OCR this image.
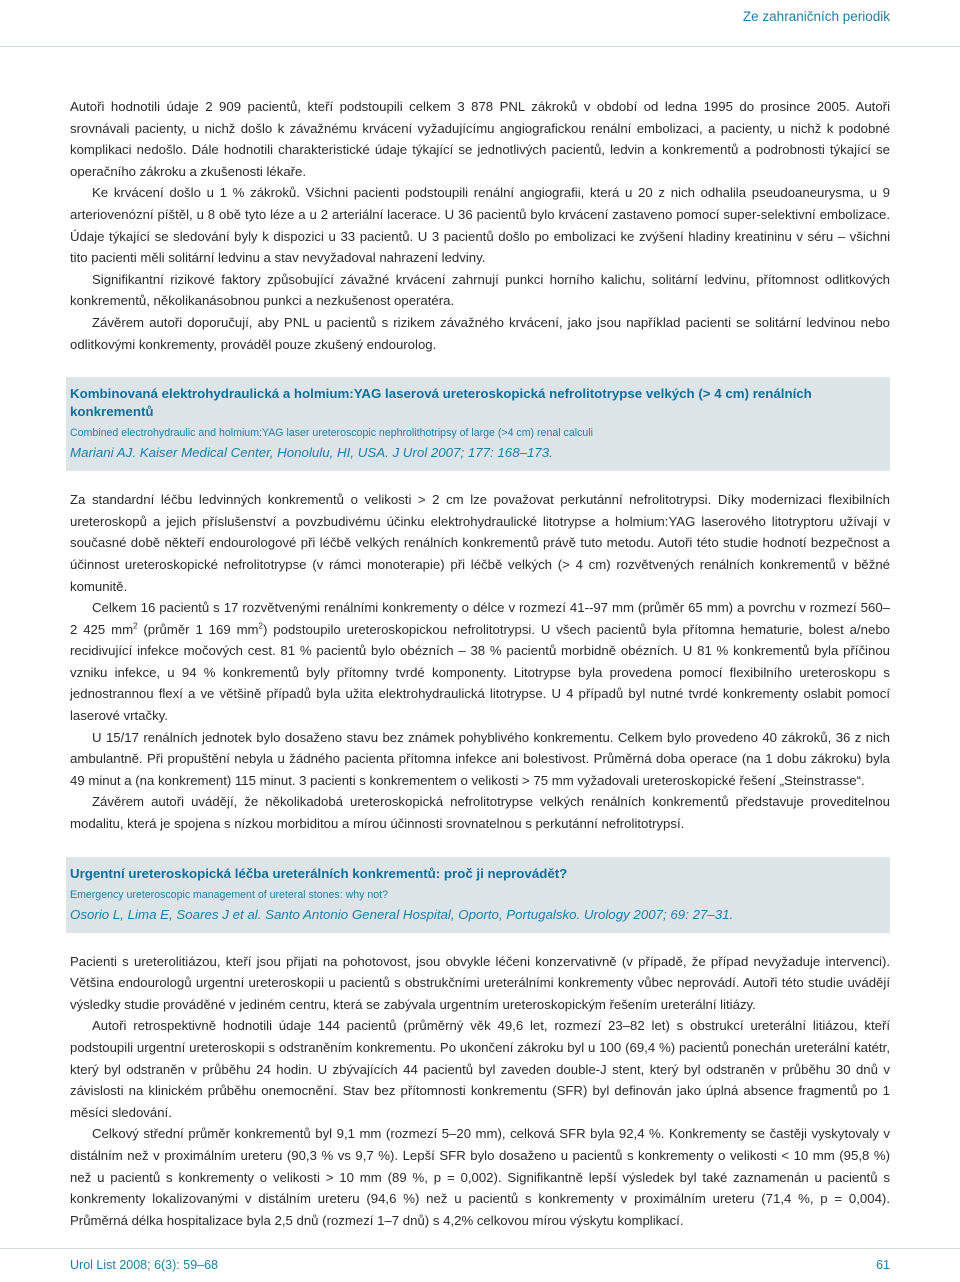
Ze zahraničních periodik

Autoři hodnotili údaje 2 909 pacientů, kteří podstoupili celkem 3 878 PNL zákroků v období od ledna 1995 do prosince 2005. Autoři srovnávali pacienty, u nichž došlo k závažnému krvácení vyžadujícímu angiografickou renální embolizaci, a pacienty, u nichž k podobné komplikaci nedošlo. Dále hodnotili charakteristické údaje týkající se jednotlivých pacientů, ledvin a konkrementů a podrobnosti týkající se operačního zákroku a zkušenosti lékaře.

Ke krvácení došlo u 1 % zákroků. Všichni pacienti podstoupili renální angiografii, která u 20 z nich odhalila pseudoaneurysma, u 9 arteriovenózní píštěl, u 8 obě tyto léze a u 2 arteriální lacerace. U 36 pacientů bylo krvácení zastaveno pomocí super-selektivní embolizace. Údaje týkající se sledování byly k dispozici u 33 pacientů. U 3 pacientů došlo po embolizaci ke zvýšení hladiny kreatininu v séru – všichni tito pacienti měli solitární ledvinu a stav nevyžadoval nahrazení ledviny.

Signifikantní rizikové faktory způsobující závažné krvácení zahrnují punkci horního kalichu, solitární ledvinu, přítomnost odlitkových konkrementů, několikanásobnou punkci a nezkušenost operatéra.

Závěrem autoři doporučují, aby PNL u pacientů s rizikem závažného krvácení, jako jsou například pacienti se solitární ledvinou nebo odlitkovými konkrementy, prováděl pouze zkušený endourolog.

Kombinovaná elektrohydraulická a holmium:YAG laserová ureteroskopická nefrolitotrypse velkých (> 4 cm) renálních konkrementů
Combined electrohydraulic and holmium:YAG laser ureteroscopic nephrolithotripsy of large (>4 cm) renal calculi
Mariani AJ. Kaiser Medical Center, Honolulu, HI, USA. J Urol 2007; 177: 168–173.

Za standardní léčbu ledvinných konkrementů o velikosti > 2 cm lze považovat perkutánní nefrolitotrypsi. Díky modernizaci flexibilních ureteroskopů a jejich příslušenství a povzbudivému účinku elektrohydraulické litotrypse a holmium:YAG laserového litotryptoru užívají v současné době někteří endourologové při léčbě velkých renálních konkrementů právě tuto metodu. Autoři této studie hodnotí bezpečnost a účinnost ureteroskopické nefrolitotrypse (v rámci monoterapie) při léčbě velkých (> 4 cm) rozvětvených renálních konkrementů v běžné komunitě.

Celkem 16 pacientů s 17 rozvětvenými renálními konkrementy o délce v rozmezí 41--97 mm (průměr 65 mm) a povrchu v rozmezí 560–2 425 $mm^2$ (průměr 1 169 $mm^2$) podstoupilo ureteroskopickou nefrolitotrypsi. U všech pacientů byla přítomna hematurie, bolest a/nebo recidivující infekce močových cest. 81 % pacientů bylo obézních – 38 % pacientů morbidně obézních. U 81 % konkrementů byla příčinou vzniku infekce, u 94 % konkrementů byly přítomny tvrdé komponenty. Litotrypse byla provedena pomocí flexibilního ureteroskopu s jednostrannou flexí a ve většině případů byla užita elektrohydraulická litotrypse. U 4 případů byl nutné tvrdé konkrementy oslabit pomocí laserové vrtačky.

U 15/17 renálních jednotek bylo dosaženo stavu bez známek pohyblivého konkrementu. Celkem bylo provedeno 40 zákroků, 36 z nich ambulantně. Při propuštění nebyla u žádného pacienta přítomna infekce ani bolestivost. Průměrná doba operace (na 1 dobu zákroku) byla 49 minut a (na konkrement) 115 minut. 3 pacienti s konkrementem o velikosti > 75 mm vyžadovali ureteroskopické řešení „Steinstrasse“.

Závěrem autoři uvádějí, že několikadobá ureteroskopická nefrolitotrypse velkých renálních konkrementů představuje proveditelnou modalitu, která je spojena s nízkou morbiditou a mírou účinnosti srovnatelnou s perkutánní nefrolitotrypsí.

Urgentní ureteroskopická léčba ureterálních konkrementů: proč ji neprovádět?
Emergency ureteroscopic management of ureteral stones: why not?
Osorio L, Lima E, Soares J et al. Santo Antonio General Hospital, Oporto, Portugalsko. Urology 2007; 69: 27–31.

Pacienti s ureterolitiázou, kteří jsou přijati na pohotovost, jsou obvykle léčeni konzervativně (v případě, že případ nevyžaduje intervenci). Většina endourologů urgentní ureteroskopii u pacientů s obstrukčními ureterálními konkrementy vůbec neprovádí. Autoři této studie uvádějí výsledky studie prováděné v jediném centru, která se zabývala urgentním ureteroskopickým řešením ureterální litiázy.

Autoři retrospektivně hodnotili údaje 144 pacientů (průměrný věk 49,6 let, rozmezí 23–82 let) s obstrukcí ureterální litiázou, kteří podstoupili urgentní ureteroskopii s odstraněním konkrementu. Po ukončení zákroku byl u 100 (69,4 %) pacientů ponechán ureterální katétr, který byl odstraněn v průběhu 24 hodin. U zbývajících 44 pacientů byl zaveden double-J stent, který byl odstraněn v průběhu 30 dnů v závislosti na klinickém průběhu onemocnění. Stav bez přítomnosti konkrementu (SFR) byl definován jako úplná absence fragmentů po 1 měsíci sledování.

Celkový střední průměr konkrementů byl 9,1 mm (rozmezí 5–20 mm), celková SFR byla 92,4 %. Konkrementy se častěji vyskytovaly v distálním než v proximálním ureteru (90,3 % vs 9,7 %). Lepší SFR bylo dosaženo u pacientů s konkrementy o velikosti < 10 mm (95,8 %) než u pacientů s konkrementy o velikosti > 10 mm (89 %, p = 0,002). Signifikantně lepší výsledek byl také zaznamenán u pacientů s konkrementy lokalizovanými v distálním ureteru (94,6 %) než u pacientů s konkrementy v proximálním ureteru (71,4 %, p = 0,004). Průměrná délka hospitalizace byla 2,5 dnů (rozmezí 1–7 dnů) s 4,2% celkovou mírou výskytu komplikací.

Urol List 2008; 6(3): 59–68	61
